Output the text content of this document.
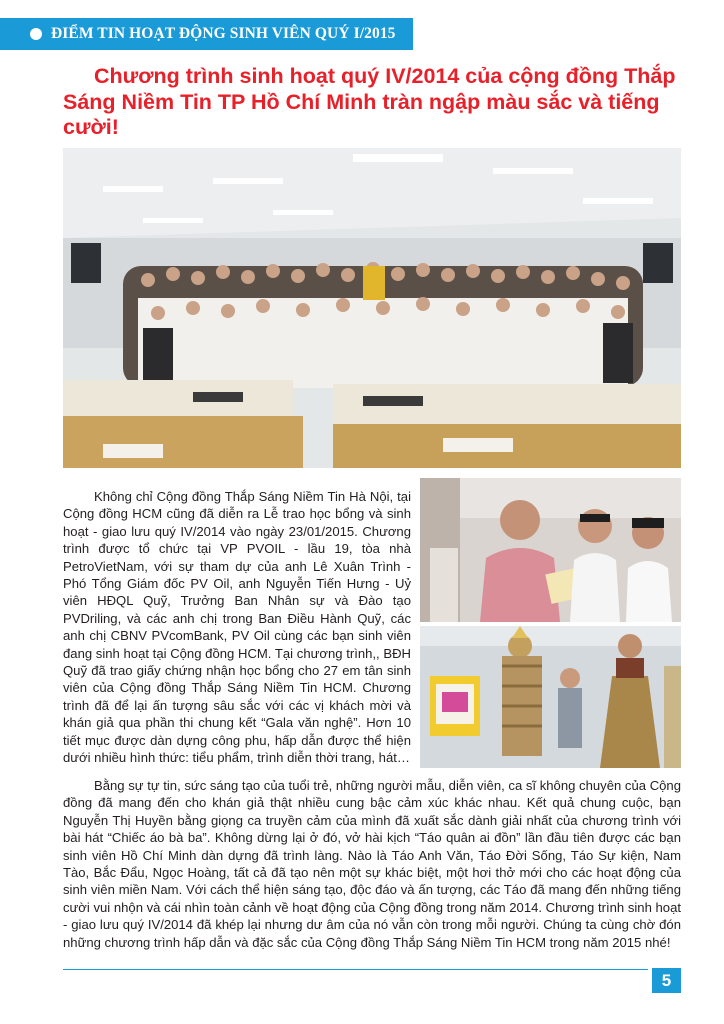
ĐIỂM TIN HOẠT ĐỘNG SINH VIÊN QUÝ I/2015
Chương trình sinh hoạt quý IV/2014 của cộng đồng Thắp Sáng Niềm Tin TP Hồ Chí Minh tràn ngập màu sắc và tiếng cười!

Không chỉ Cộng đồng Thắp Sáng Niềm Tin Hà Nội, tại Cộng đồng HCM cũng đã diễn ra Lễ trao học bổng và sinh hoạt - giao lưu quý IV/2014 vào ngày 23/01/2015. Chương trình được tổ chức tại VP PVOIL - lầu 19, tòa nhà PetroVietNam, với sự tham dự của anh Lê Xuân Trình - Phó Tổng Giám đốc PV Oil, anh Nguyễn Tiến Hưng - Uỷ viên HĐQL Quỹ, Trưởng Ban Nhân sự và Đào tạo PVDriling, và các anh chị trong Ban Điều Hành Quỹ, các anh chị CBNV PVcomBank, PV Oil cùng các bạn sinh viên đang sinh hoạt tại Cộng đồng HCM. Tại chương trình,, BĐH Quỹ đã trao giấy chứng nhận học bổng cho 27 em tân sinh viên của Cộng đồng Thắp Sáng Niềm Tin HCM. Chương trình đã để lại ấn tượng sâu sắc với các vị khách mời và khán giả qua phần thi chung kết “Gala văn nghệ”. Hơn 10 tiết mục được dàn dựng công phu, hấp dẫn được thể hiện dưới nhiều hình thức: tiểu phẩm, trình diễn thời trang, hát…

Bằng sự tự tin, sức sáng tạo của tuổi trẻ, những người mẫu, diễn viên, ca sĩ không chuyên của Cộng đồng đã mang đến cho khán giả thật nhiều cung bậc cảm xúc khác nhau. Kết quả chung cuộc, bạn Nguyễn Thị Huyền bằng giọng ca truyền cảm của mình đã xuất sắc dành giải nhất của chương trình với bài hát “Chiếc áo bà ba”. Không dừng lại ở đó, vở hài kịch “Táo quân ai đồn” lần đầu tiên được các bạn sinh viên Hồ Chí Minh dàn dựng đã trình làng. Nào là Táo Anh Văn, Táo Đời Sống, Táo Sự kiện, Nam Tào, Bắc Đẩu, Ngọc Hoàng, tất cả đã tạo nên một sự khác biệt, một hơi thở mới cho các hoạt động của sinh viên miền Nam. Với cách thể hiện sáng tạo, độc đáo và ấn tượng, các Táo đã mang đến những tiếng cười vui nhộn và cái nhìn toàn cảnh về hoạt động của Cộng đồng trong năm 2014. Chương trình sinh hoạt - giao lưu quý IV/2014 đã khép lại nhưng dư âm của nó vẫn còn trong mỗi người. Chúng ta cùng chờ đón những chương trình hấp dẫn và đặc sắc của Cộng đồng Thắp Sáng Niềm Tin HCM trong năm 2015 nhé!

5
